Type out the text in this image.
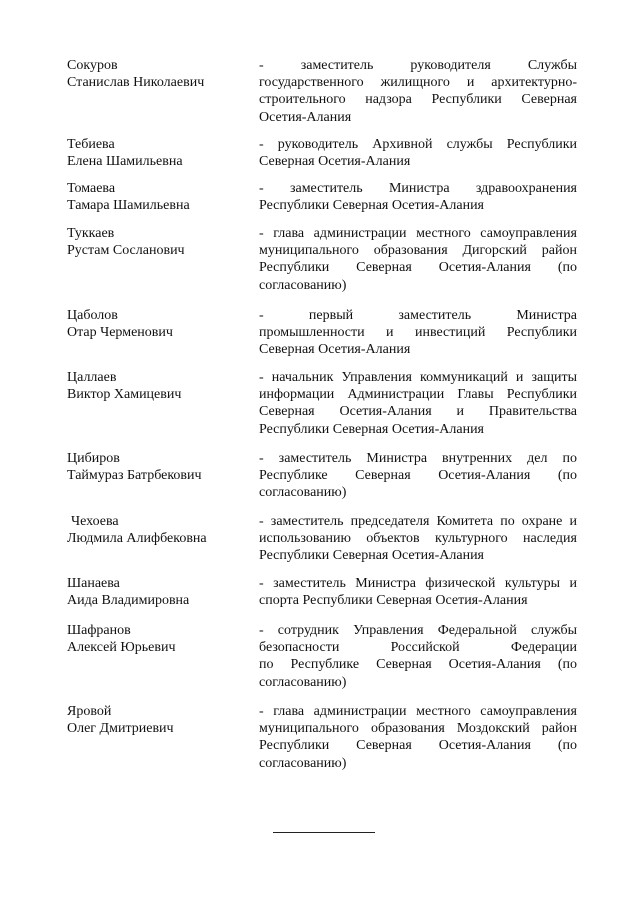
Сокуров
Станислав Николаевич
- заместитель руководителя Службы
государственного жилищного и архитектурно-
строительного надзора Республики Северная
Осетия-Алания
Тебиева
Елена Шамильевна
- руководитель Архивной службы Республики
Северная Осетия-Алания
Томаева
Тамара Шамильевна
- заместитель Министра здравоохранения
Республики Северная Осетия-Алания
Туккаев
Рустам Сосланович
- глава администрации местного самоуправления
муниципального образования Дигорский район
Республики Северная Осетия-Алания (по
согласованию)
Цаболов
Отар Черменович
- первый заместитель Министра
промышленности и инвестиций Республики
Северная Осетия-Алания
Цаллаев
Виктор Хамицевич
- начальник Управления коммуникаций и защиты
информации Администрации Главы Республики
Северная Осетия-Алания и Правительства
Республики Северная Осетия-Алания
Цибиров
Таймураз Батрбекович
- заместитель Министра внутренних дел по
Республике Северная Осетия-Алания (по
согласованию)
Чехоева
Людмила Алифбековна
- заместитель председателя Комитета по охране и
использованию объектов культурного наследия
Республики Северная Осетия-Алания
Шанаева
Аида Владимировна
- заместитель Министра физической культуры и
спорта Республики Северная Осетия-Алания
Шафранов
Алексей Юрьевич
- сотрудник Управления Федеральной службы
безопасности Российской Федерации
по Республике Северная Осетия-Алания (по
согласованию)
Яровой
Олег Дмитриевич
- глава администрации местного самоуправления
муниципального образования Моздокский район
Республики Северная Осетия-Алания (по
согласованию)
